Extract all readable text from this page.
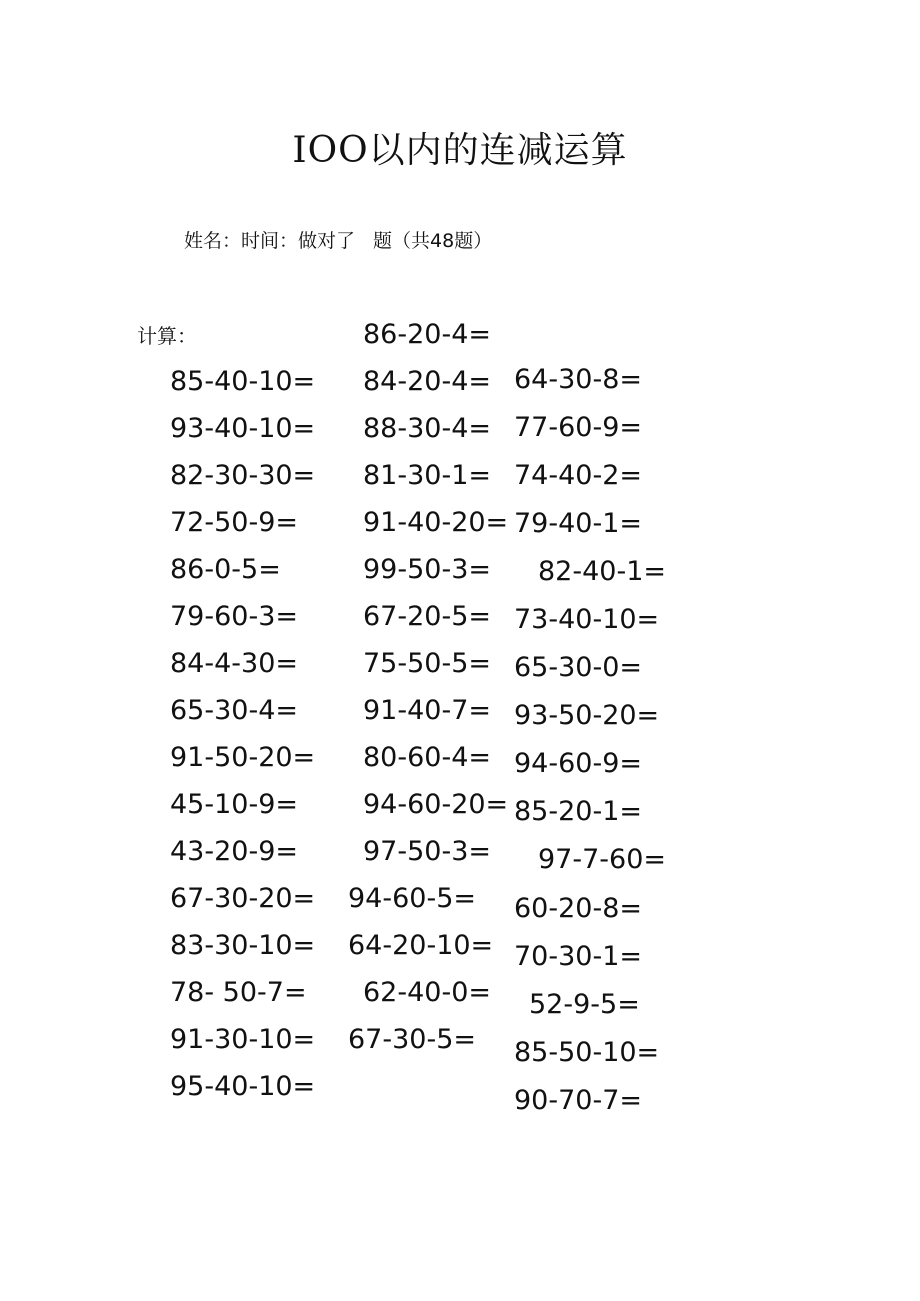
IOO以内的连减运算
姓名：时间：做对了 题（共48题）
计算：
85-40-10=
93-40-10=
82-30-30=
72-50-9=
86-0-5=
79-60-3=
84-4-30=
65-30-4=
91-50-20=
45-10-9=
43-20-9=
67-30-20=
83-30-10=
78- 50-7=
91-30-10=
95-40-10=
86-20-4=
84-20-4=
88-30-4=
81-30-1=
91-40-20=
99-50-3=
67-20-5=
75-50-5=
91-40-7=
80-60-4=
94-60-20=
97-50-3=
94-60-5=
64-20-10=
62-40-0=
67-30-5=
64-30-8=
77-60-9=
74-40-2=
79-40-1=
82-40-1=
73-40-10=
65-30-0=
93-50-20=
94-60-9=
85-20-1=
97-7-60=
60-20-8=
70-30-1=
52-9-5=
85-50-10=
90-70-7=
